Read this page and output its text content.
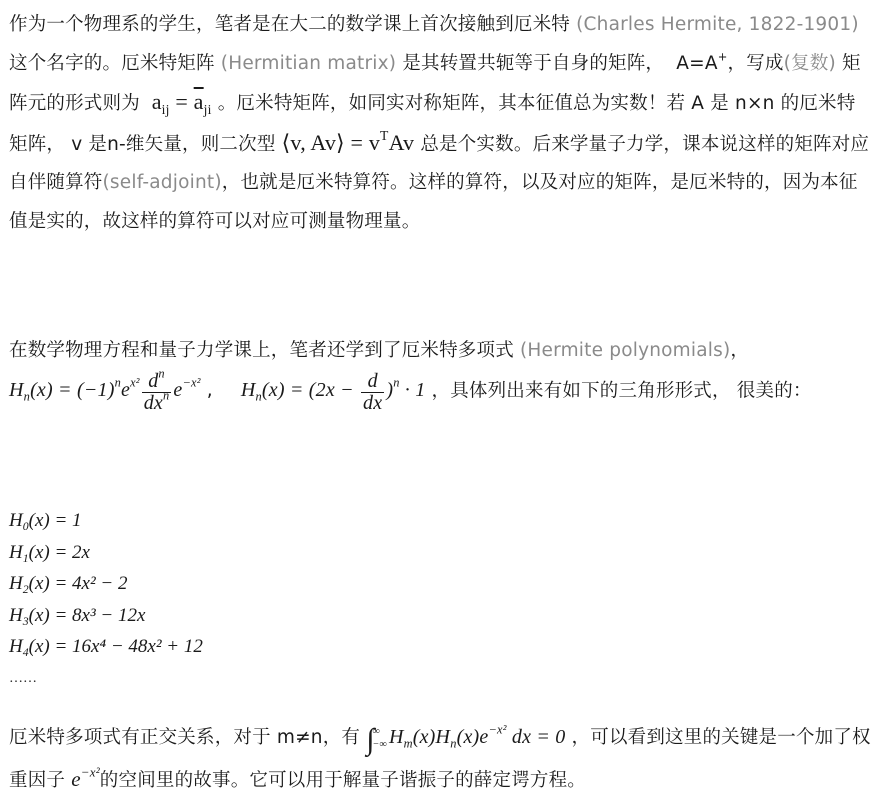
作为一个物理系的学生，笔者是在大二的数学课上首次接触到厄米特 (Charles Hermite, 1822-1901) 这个名字的。厄米特矩阵 (Hermitian matrix) 是其转置共轭等于自身的矩阵，  A=A+，写成(复数) 矩阵元的形式则为  $a_{ij} = \overline{a}_{ji}$ 。厄米特矩阵，如同实对称矩阵，其本征值总为实数！若 A 是 n×n 的厄米特矩阵， v 是n-维矢量，则二次型 ⟨v, Av⟩ = $v^TAv$ 总是个实数。后来学量子力学，课本说这样的矩阵对应自伴随算符(self-adjoint)，也就是厄米特算符。这样的算符，以及对应的矩阵，是厄米特的，因为本征值是实的，故这样的算符可以对应可测量物理量。
在数学物理方程和量子力学课上，笔者还学到了厄米特多项式 (Hermite polynomials)，
$H_n(x) = (-1)^ne^{x^2} \frac{d^n}{dx^n} e^{-x^2}$ , $H_n(x) = (2x - \frac{d}{dx} )^n \cdot 1$ ，具体列出来有如下的三角形形式， 很美的：
$H_0(x) = 1$
$H_1(x) = 2x$
$H_2(x) = 4x^2 - 2$
$H_3(x) = 8x^3 - 12x$
$H_4(x) = 16x^4 - 48x^2 + 12$
……
厄米特多项式有正交关系，对于 m≠n，有 ∫
∞
−∞ $H_m(x)H_n(x)e^{-x^2}$ dx = 0 ，可以看到这里的关键是一个加了权重因子 $e^{-x^2}$的空间里的故事。它可以用于解量子谐振子的薛定谔方程。
